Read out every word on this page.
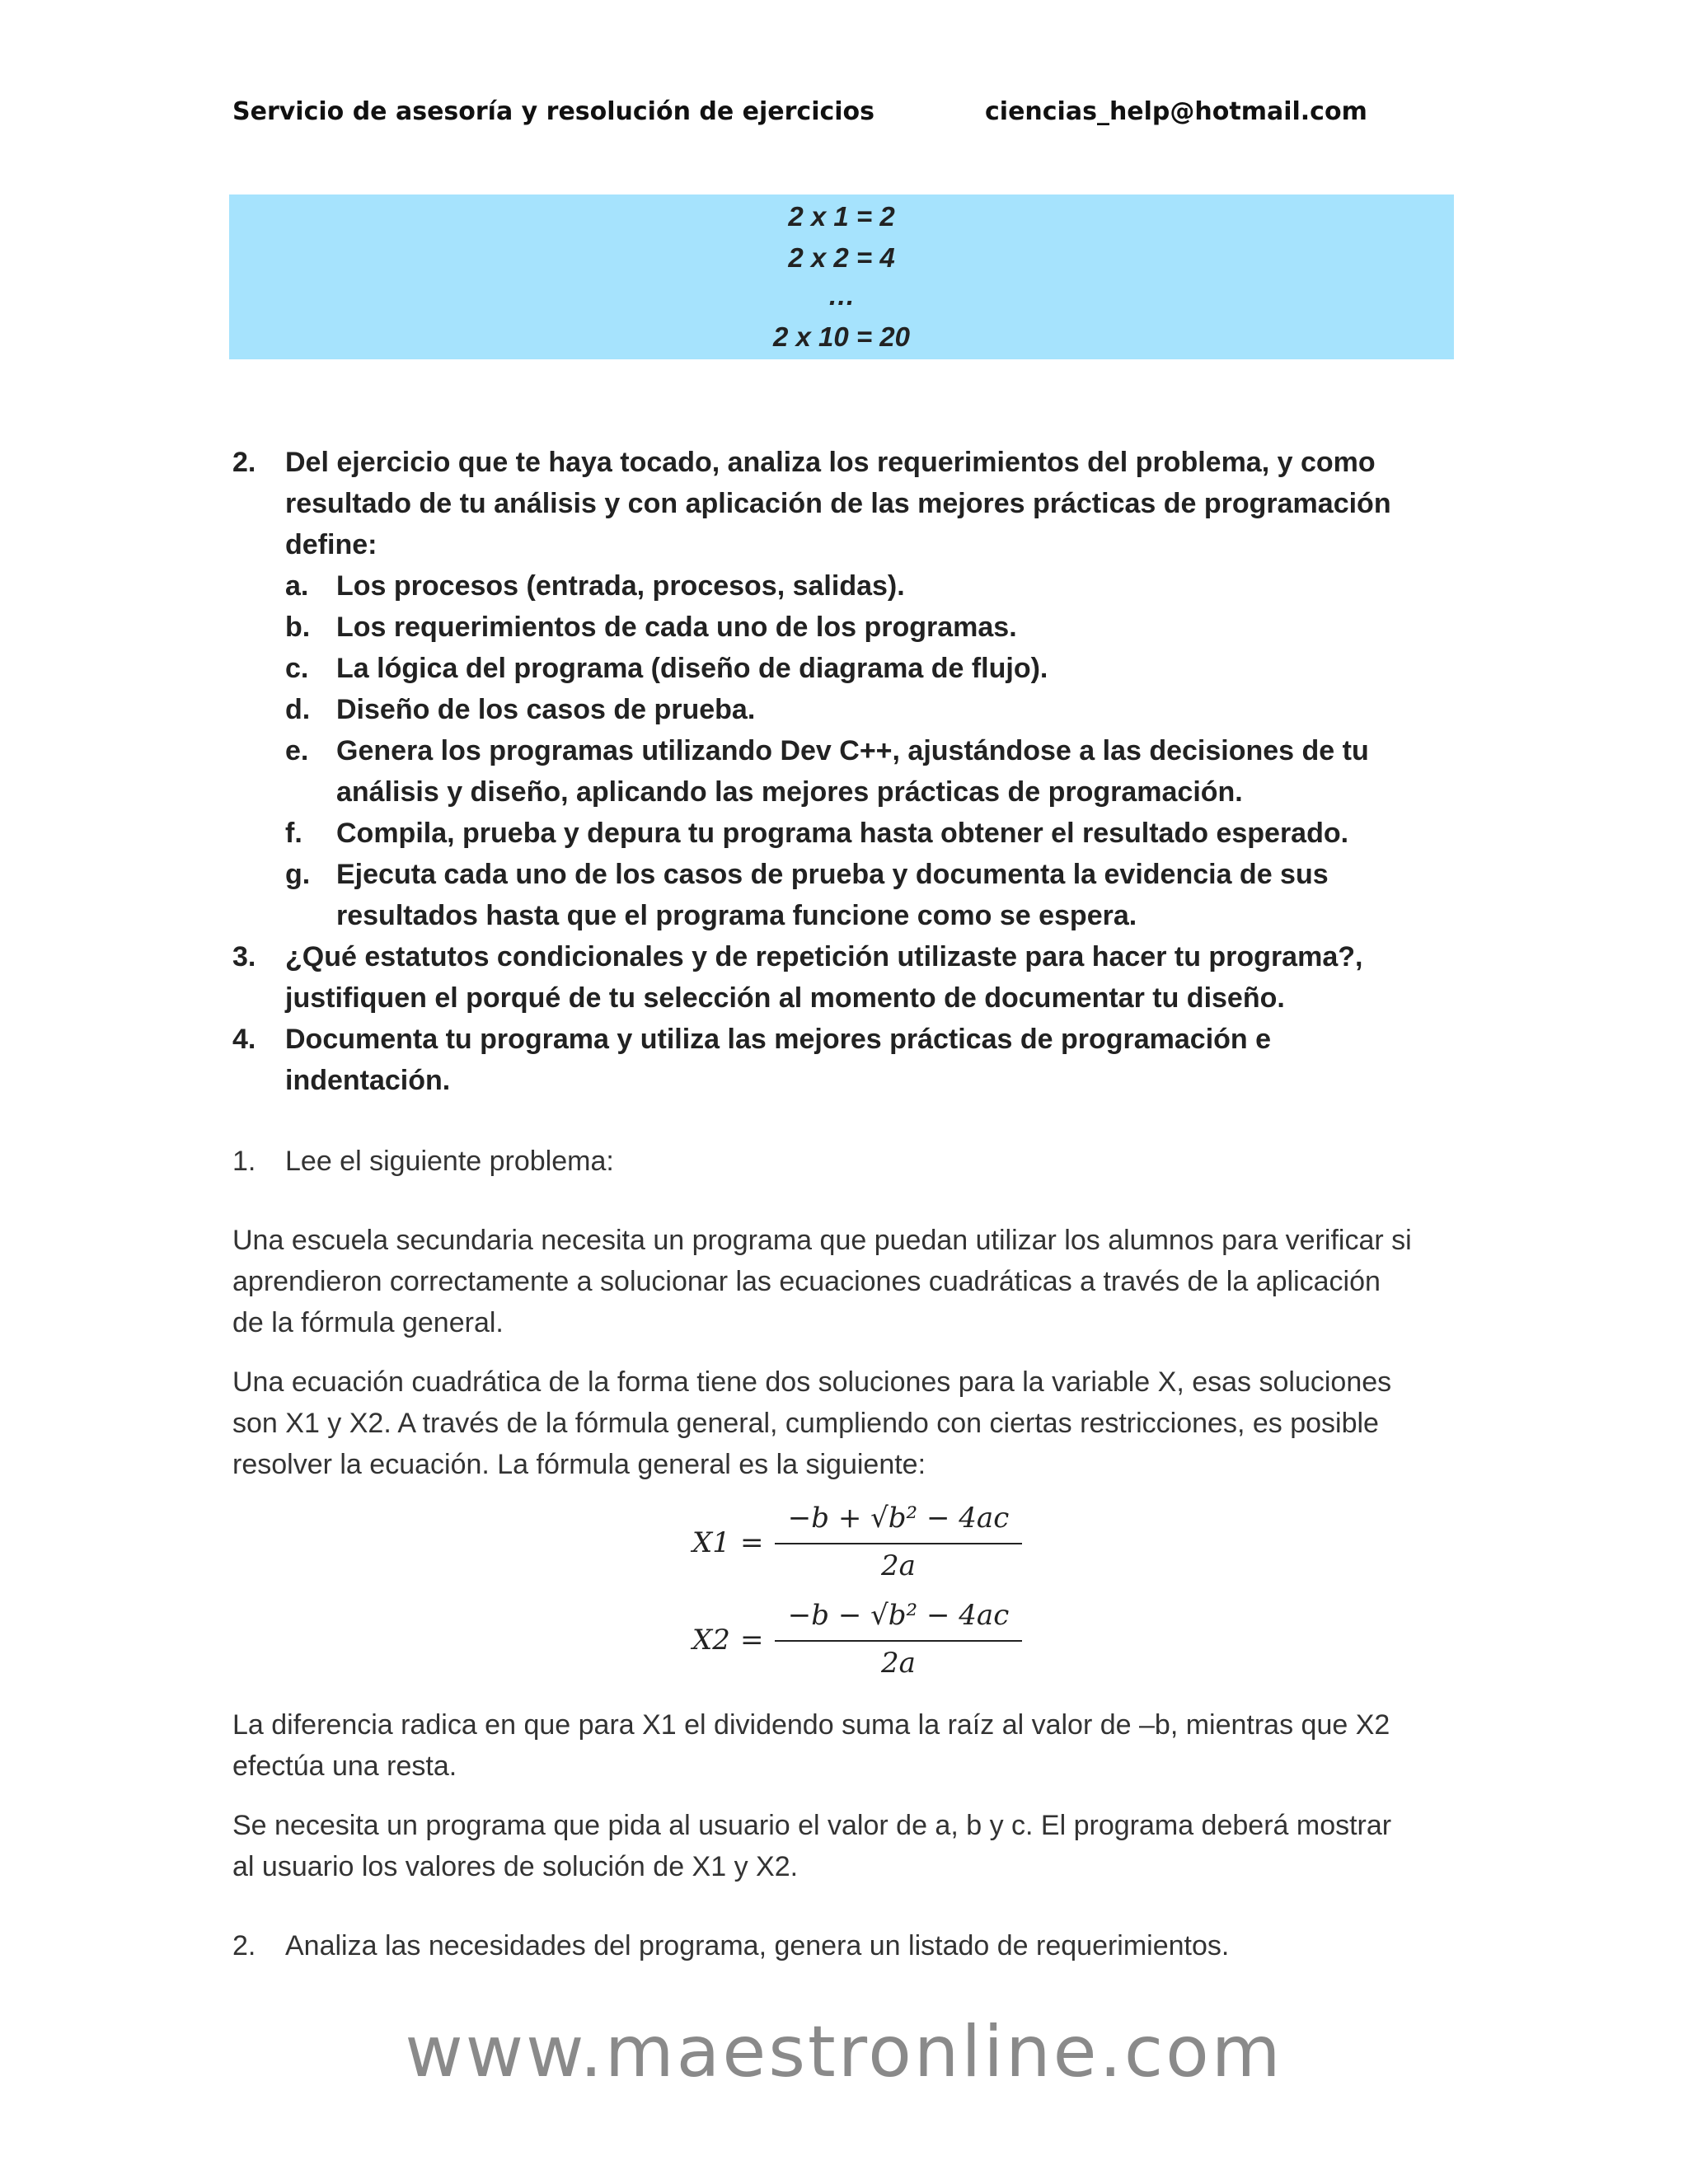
Servicio de asesoría y resolución de ejercicios	ciencias_help@hotmail.com
2 x 1 = 2
2 x 2 = 4
…
2 x 10 = 20
2. Del ejercicio que te haya tocado, analiza los requerimientos del problema, y como
resultado de tu análisis y con aplicación de las mejores prácticas de programación
define:
a. Los procesos (entrada, procesos, salidas).
b. Los requerimientos de cada uno de los programas.
c. La lógica del programa (diseño de diagrama de flujo).
d. Diseño de los casos de prueba.
e. Genera los programas utilizando Dev C++, ajustándose a las decisiones de tu
análisis y diseño, aplicando las mejores prácticas de programación.
f. Compila, prueba y depura tu programa hasta obtener el resultado esperado.
g. Ejecuta cada uno de los casos de prueba y documenta la evidencia de sus
resultados hasta que el programa funcione como se espera.
3. ¿Qué estatutos condicionales y de repetición utilizaste para hacer tu programa?,
justifiquen el porqué de tu selección al momento de documentar tu diseño.
4. Documenta tu programa y utiliza las mejores prácticas de programación e
indentación.
1. Lee el siguiente problema:
Una escuela secundaria necesita un programa que puedan utilizar los alumnos para verificar si
aprendieron correctamente a solucionar las ecuaciones cuadráticas a través de la aplicación
de la fórmula general.
Una ecuación cuadrática de la forma tiene dos soluciones para la variable X, esas soluciones
son X1 y X2. A través de la fórmula general, cumpliendo con ciertas restricciones, es posible
resolver la ecuación. La fórmula general es la siguiente:
X1 =
−b + √b² − 4ac
2a
X2 =
−b − √b² − 4ac
2a
La diferencia radica en que para X1 el dividendo suma la raíz al valor de –b, mientras que X2
efectúa una resta.
Se necesita un programa que pida al usuario el valor de a, b y c. El programa deberá mostrar
al usuario los valores de solución de X1 y X2.
2. Analiza las necesidades del programa, genera un listado de requerimientos.
www.maestronline.com
